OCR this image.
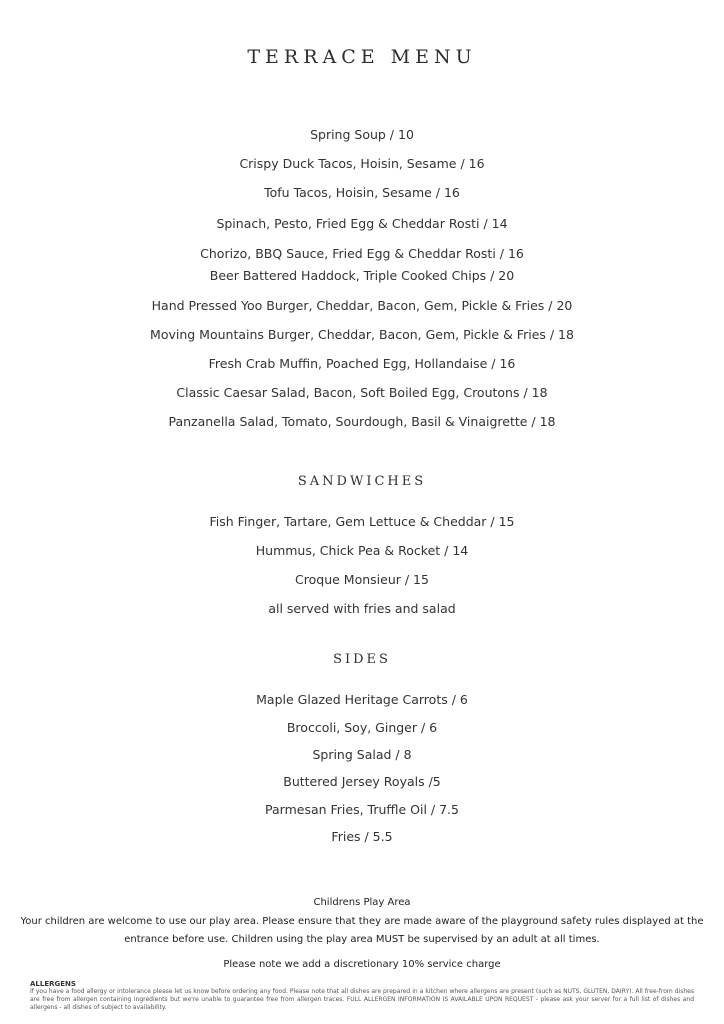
TERRACE MENU
Spring Soup / 10
Crispy Duck Tacos, Hoisin, Sesame / 16
Tofu Tacos, Hoisin, Sesame / 16
Spinach, Pesto, Fried Egg & Cheddar Rosti / 14
Chorizo, BBQ Sauce, Fried Egg & Cheddar Rosti / 16
Beer Battered Haddock, Triple Cooked Chips / 20
Hand Pressed Yoo Burger, Cheddar, Bacon, Gem, Pickle & Fries / 20
Moving Mountains Burger, Cheddar, Bacon, Gem, Pickle & Fries / 18
Fresh Crab Muffin, Poached Egg, Hollandaise / 16
Classic Caesar Salad, Bacon, Soft Boiled Egg, Croutons / 18
Panzanella Salad, Tomato, Sourdough, Basil & Vinaigrette / 18
SANDWICHES
Fish Finger, Tartare, Gem Lettuce & Cheddar / 15
Hummus, Chick Pea & Rocket / 14
Croque Monsieur / 15
all served with fries and salad
SIDES
Maple Glazed Heritage Carrots / 6
Broccoli, Soy, Ginger / 6
Spring Salad / 8
Buttered Jersey Royals /5
Parmesan Fries, Truffle Oil / 7.5
Fries / 5.5
Childrens Play Area
Your children are welcome to use our play area. Please ensure that they are made aware of the playground safety rules displayed at the entrance before use. Children using the play area MUST be supervised by an adult at all times.
Please note we add a discretionary 10% service charge
ALLERGENS
If you have a food allergy or intolerance please let us know before ordering any food. Please note that all dishes are prepared in a kitchen where allergens are present (such as NUTS, GLUTEN, DAIRY). All free-from dishes are free from allergen containing ingredients but we're unable to guarantee free from allergen traces. FULL ALLERGEN INFORMATION IS AVAILABLE UPON REQUEST - please ask your server for a full list of dishes and allergens - all dishes of subject to availability.
